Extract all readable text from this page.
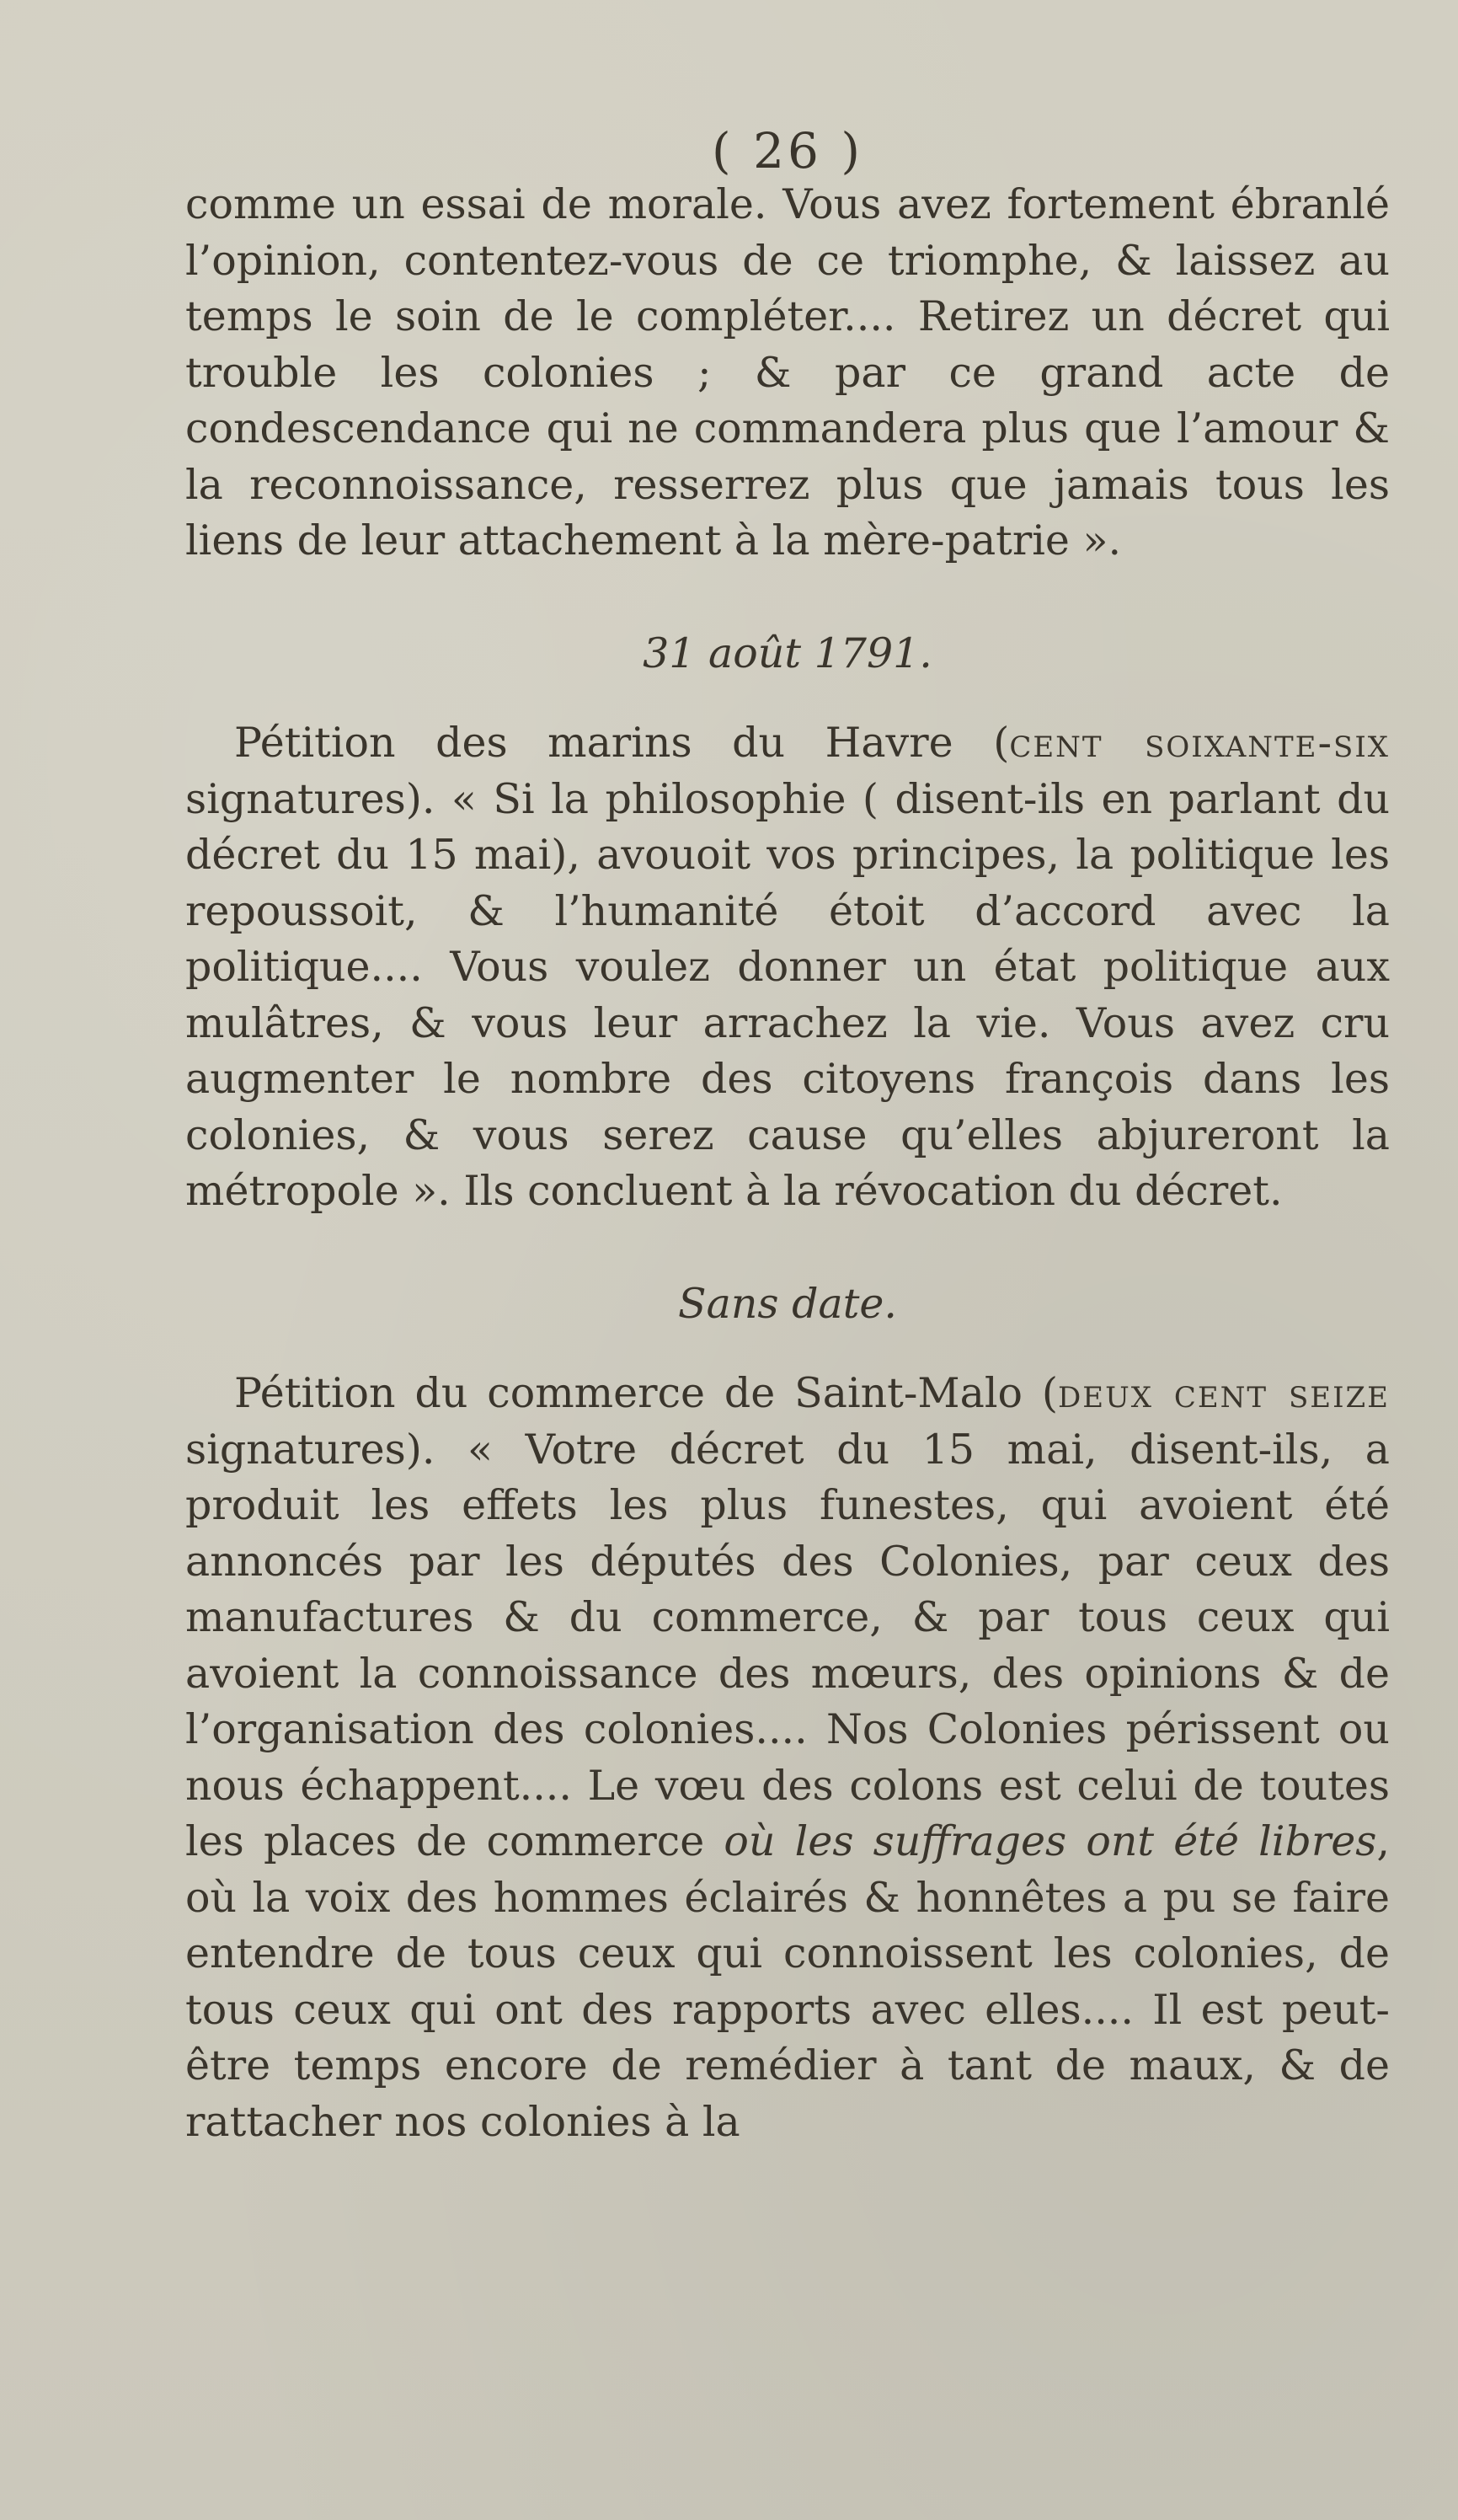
( 26 )

comme un essai de morale. Vous avez fortement ébranlé l’opinion, contentez-vous de ce triomphe, & laissez au temps le soin de le compléter.... Retirez un décret qui trouble les colonies ; & par ce grand acte de condescendance qui ne commandera plus que l’amour & la reconnoissance, resserrez plus que jamais tous les liens de leur attachement à la mère-patrie ».

31 août 1791.

Pétition des marins du Havre (cent soixante-six signatures). « Si la philosophie ( disent-ils en parlant du décret du 15 mai), avouoit vos principes, la politique les repoussoit, & l’humanité étoit d’accord avec la politique.... Vous voulez donner un état politique aux mulâtres, & vous leur arrachez la vie. Vous avez cru augmenter le nombre des citoyens françois dans les colonies, & vous serez cause qu’elles abjureront la métropole ». Ils concluent à la révocation du décret.

Sans date.

Pétition du commerce de Saint-Malo (deux cent seize signatures). « Votre décret du 15 mai, disent-ils, a produit les effets les plus funestes, qui avoient été annoncés par les députés des Colonies, par ceux des manufactures & du commerce, & par tous ceux qui avoient la connoissance des mœurs, des opinions & de l’organisation des colonies.... Nos Colonies périssent ou nous échappent.... Le vœu des colons est celui de toutes les places de commerce où les suffrages ont été libres, où la voix des hommes éclairés & honnêtes a pu se faire entendre de tous ceux qui connoissent les colonies, de tous ceux qui ont des rapports avec elles.... Il est peut-être temps encore de remédier à tant de maux, & de rattacher nos colonies à la
